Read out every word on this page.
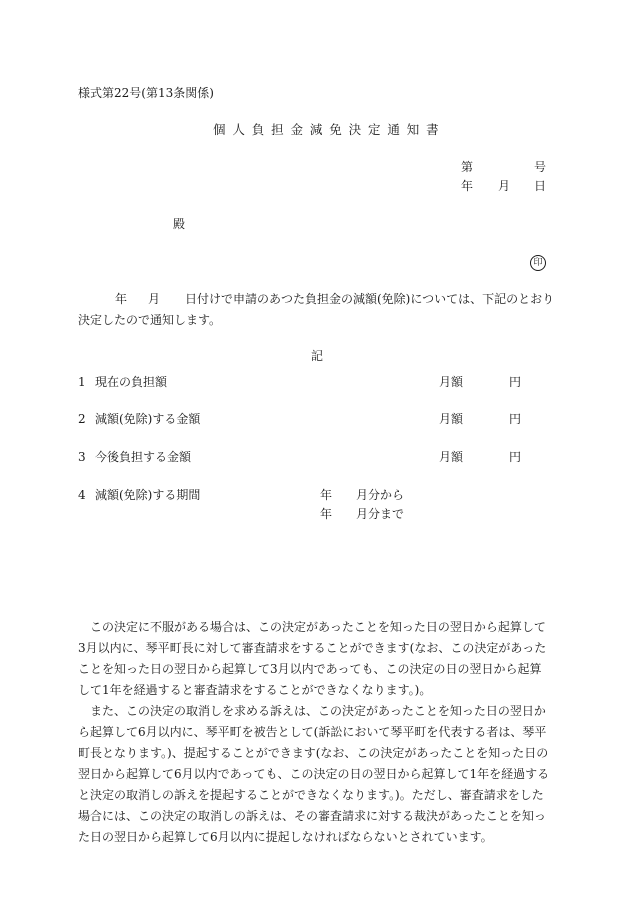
様式第22号(第13条関係)
個人負担金減免決定通知書
第	号
年 月 日
殿
印
年 月 日付けで申請のあつた負担金の減額(免除)については、下記のとおり
決定したので通知します。
記
1 現在の負担額	月額	円
2 減額(免除)する金額	月額	円
3 今後負担する金額	月額	円
4 減額(免除)する期間	年 月分から
年 月分まで

この決定に不服がある場合は、この決定があったことを知った日の翌日から起算して3月以内に、琴平町長に対して審査請求をすることができます(なお、この決定があったことを知った日の翌日から起算して3月以内であっても、この決定の日の翌日から起算して1年を経過すると審査請求をすることができなくなります。)。

また、この決定の取消しを求める訴えは、この決定があったことを知った日の翌日から起算して6月以内に、琴平町を被告として(訴訟において琴平町を代表する者は、琴平町長となります。)、提起することができます(なお、この決定があったことを知った日の翌日から起算して6月以内であっても、この決定の日の翌日から起算して1年を経過すると決定の取消しの訴えを提起することができなくなります。)。ただし、審査請求をした場合には、この決定の取消しの訴えは、その審査請求に対する裁決があったことを知った日の翌日から起算して6月以内に提起しなければならないとされています。
